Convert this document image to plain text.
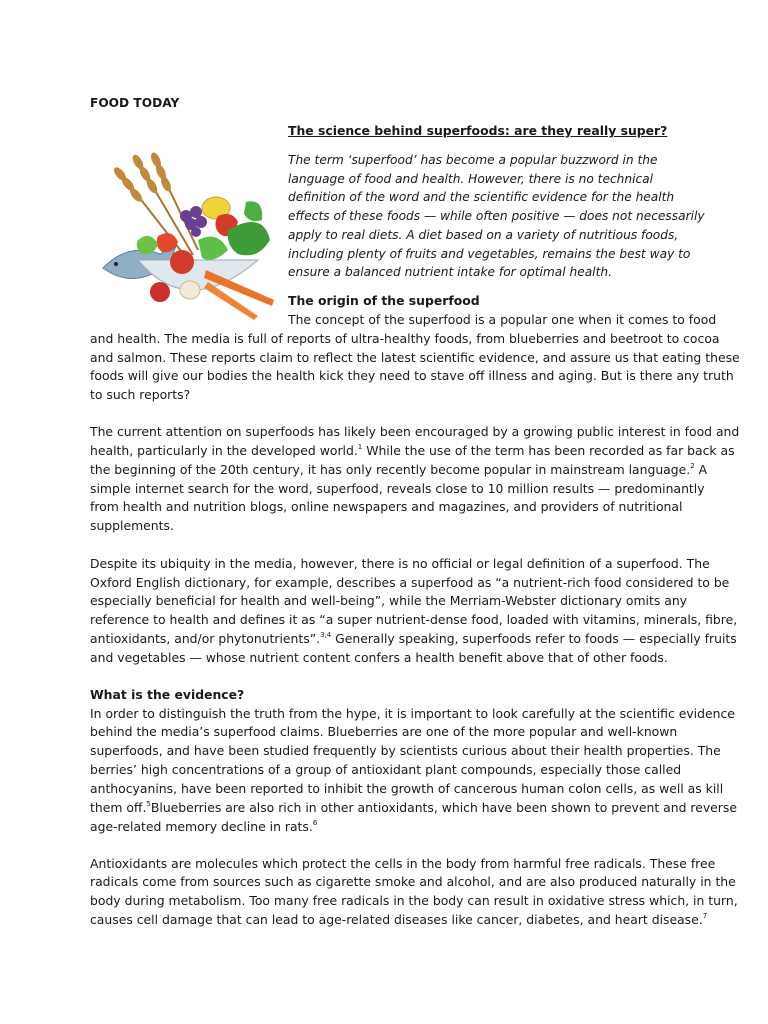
FOOD TODAY
The science behind superfoods: are they really super?
The term ‘superfood’ has become a popular buzzword in the
language of food and health. However, there is no technical
definition of the word and the scientific evidence for the health
effects of these foods — while often positive — does not necessarily
apply to real diets. A diet based on a variety of nutritious foods,
including plenty of fruits and vegetables, remains the best way to
ensure a balanced nutrient intake for optimal health.
The origin of the superfood
The concept of the superfood is a popular one when it comes to food
and health. The media is full of reports of ultra-healthy foods, from blueberries and beetroot to cocoa
and salmon. These reports claim to reflect the latest scientific evidence, and assure us that eating these
foods will give our bodies the health kick they need to stave off illness and aging. But is there any truth
to such reports?
The current attention on superfoods has likely been encouraged by a growing public interest in food and
health, particularly in the developed world.$^1$ While the use of the term has been recorded as far back as
the beginning of the 20th century, it has only recently become popular in mainstream language.$^2$ A
simple internet search for the word, superfood, reveals close to 10 million results — predominantly
from health and nutrition blogs, online newspapers and magazines, and providers of nutritional
supplements.
Despite its ubiquity in the media, however, there is no official or legal definition of a superfood. The
Oxford English dictionary, for example, describes a superfood as “a nutrient-rich food considered to be
especially beneficial for health and well-being”, while the Merriam-Webster dictionary omits any
reference to health and defines it as “a super nutrient-dense food, loaded with vitamins, minerals, fibre,
antioxidants, and/or phytonutrients”.$^{3,4}$ Generally speaking, superfoods refer to foods — especially fruits
and vegetables — whose nutrient content confers a health benefit above that of other foods.
What is the evidence?
In order to distinguish the truth from the hype, it is important to look carefully at the scientific evidence
behind the media’s superfood claims. Blueberries are one of the more popular and well-known
superfoods, and have been studied frequently by scientists curious about their health properties. The
berries’ high concentrations of a group of antioxidant plant compounds, especially those called
anthocyanins, have been reported to inhibit the growth of cancerous human colon cells, as well as kill
them off.$^5$Blueberries are also rich in other antioxidants, which have been shown to prevent and reverse
age-related memory decline in rats.$^6$
Antioxidants are molecules which protect the cells in the body from harmful free radicals. These free
radicals come from sources such as cigarette smoke and alcohol, and are also produced naturally in the
body during metabolism. Too many free radicals in the body can result in oxidative stress which, in turn,
causes cell damage that can lead to age-related diseases like cancer, diabetes, and heart disease.$^7$
